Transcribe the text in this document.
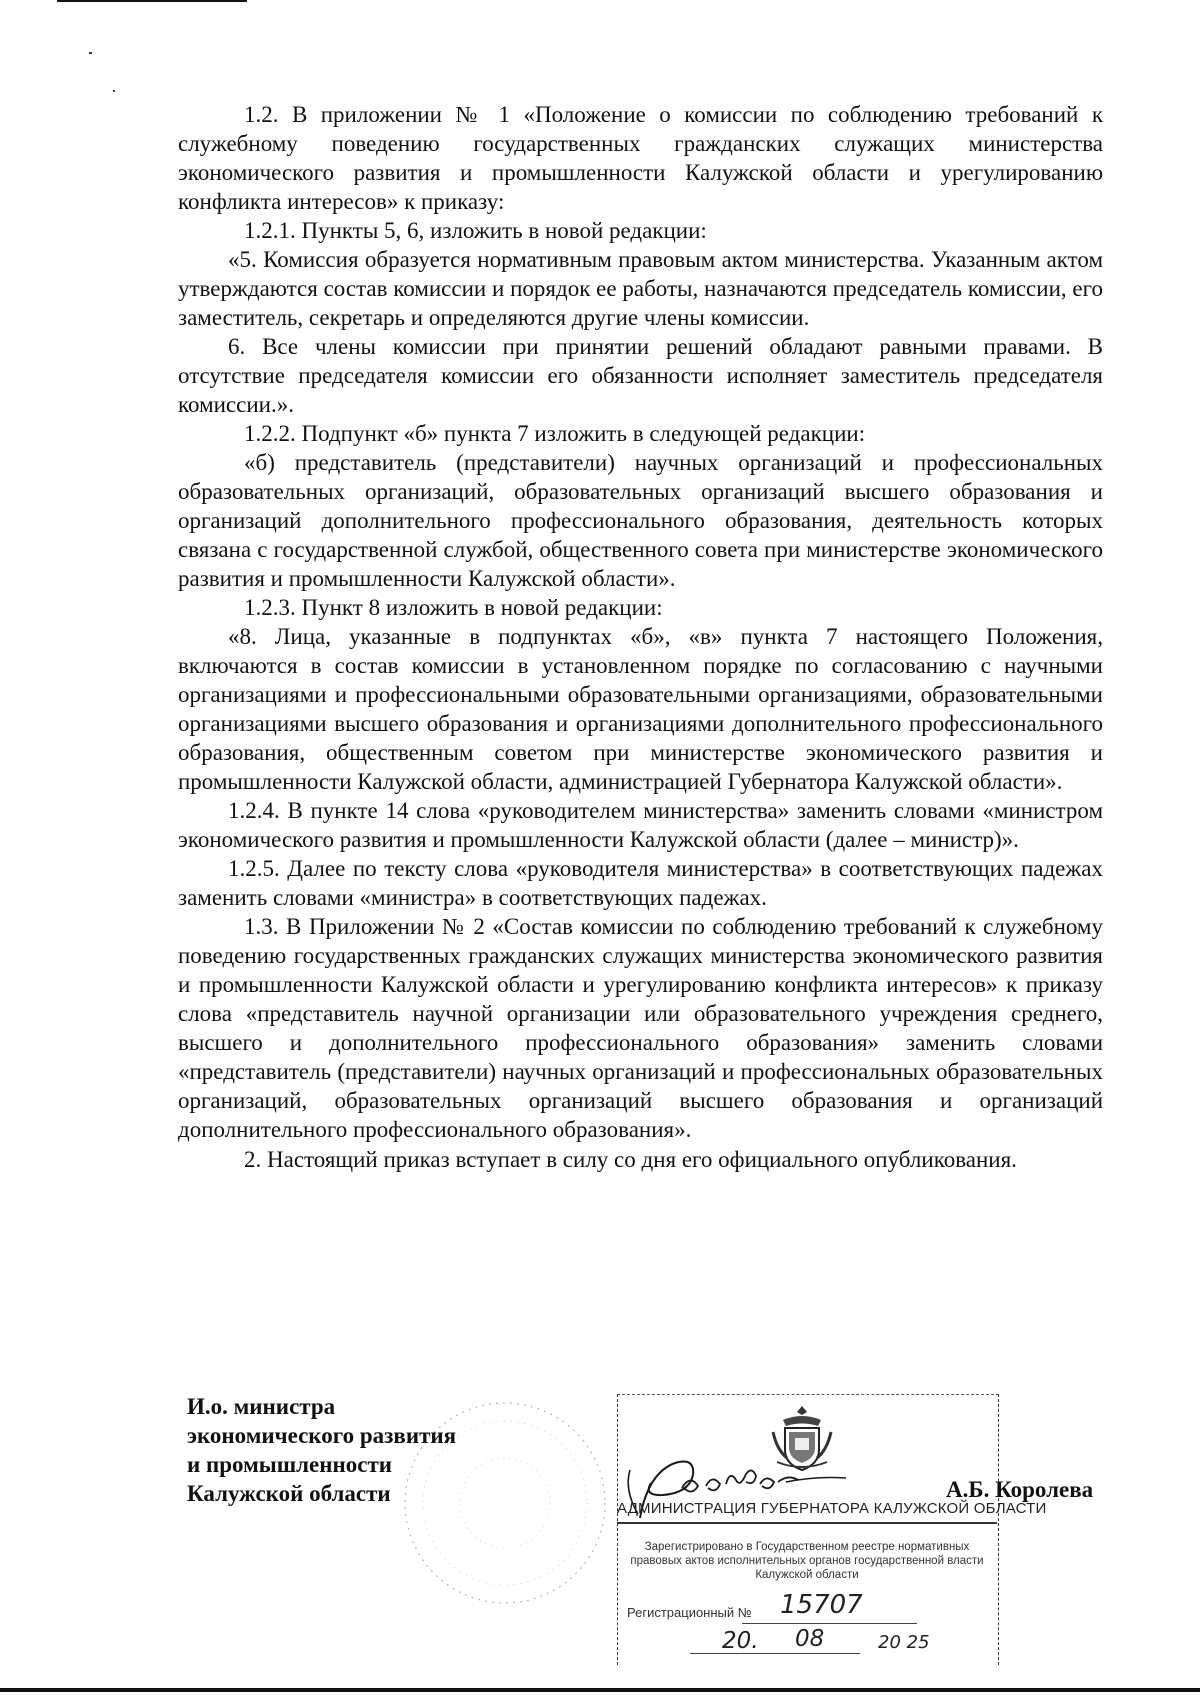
1.2. В приложении № 1 «Положение о комиссии по соблюдению требований к служебному поведению государственных гражданских служащих министерства экономического развития и промышленности Калужской области и урегулированию конфликта интересов» к приказу:

1.2.1. Пункты 5, 6, изложить в новой редакции:

«5. Комиссия образуется нормативным правовым актом министерства. Указанным актом утверждаются состав комиссии и порядок ее работы, назначаются председатель комиссии, его заместитель, секретарь и определяются другие члены комиссии.

6. Все члены комиссии при принятии решений обладают равными правами. В отсутствие председателя комиссии его обязанности исполняет заместитель председателя комиссии.».

1.2.2. Подпункт «б» пункта 7 изложить в следующей редакции:

«б) представитель (представители) научных организаций и профессиональных образовательных организаций, образовательных организаций высшего образования и организаций дополнительного профессионального образования, деятельность которых связана с государственной службой, общественного совета при министерстве экономического развития и промышленности Калужской области».

1.2.3. Пункт 8 изложить в новой редакции:

«8. Лица, указанные в подпунктах «б», «в» пункта 7 настоящего Положения, включаются в состав комиссии в установленном порядке по согласованию с научными организациями и профессиональными образовательными организациями, образовательными организациями высшего образования и организациями дополнительного профессионального образования, общественным советом при министерстве экономического развития и промышленности Калужской области, администрацией Губернатора Калужской области».

1.2.4. В пункте 14 слова «руководителем министерства» заменить словами «министром экономического развития и промышленности Калужской области (далее – министр)».

1.2.5. Далее по тексту слова «руководителя министерства» в соответствующих падежах заменить словами «министра» в соответствующих падежах.

1.3. В Приложении № 2 «Состав комиссии по соблюдению требований к служебному поведению государственных гражданских служащих министерства экономического развития и промышленности Калужской области и урегулированию конфликта интересов» к приказу слова «представитель научной организации или образовательного учреждения среднего, высшего и дополнительного профессионального образования» заменить словами «представитель (представители) научных организаций и профессиональных образовательных организаций, образовательных организаций высшего образования и организаций дополнительного профессионального образования».

2. Настоящий приказ вступает в силу со дня его официального опубликования.

И.о. министра
экономического развития
и промышленности
Калужской области	А.Б. Королева
АДМИНИСТРАЦИЯ ГУБЕРНАТОРА КАЛУЖСКОЙ ОБЛАСТИ
Зарегистрировано в Государственном реестре нормативных правовых актов исполнительных органов государственной власти Калужской области
Регистрационный № 15707
20. 08	20 25
